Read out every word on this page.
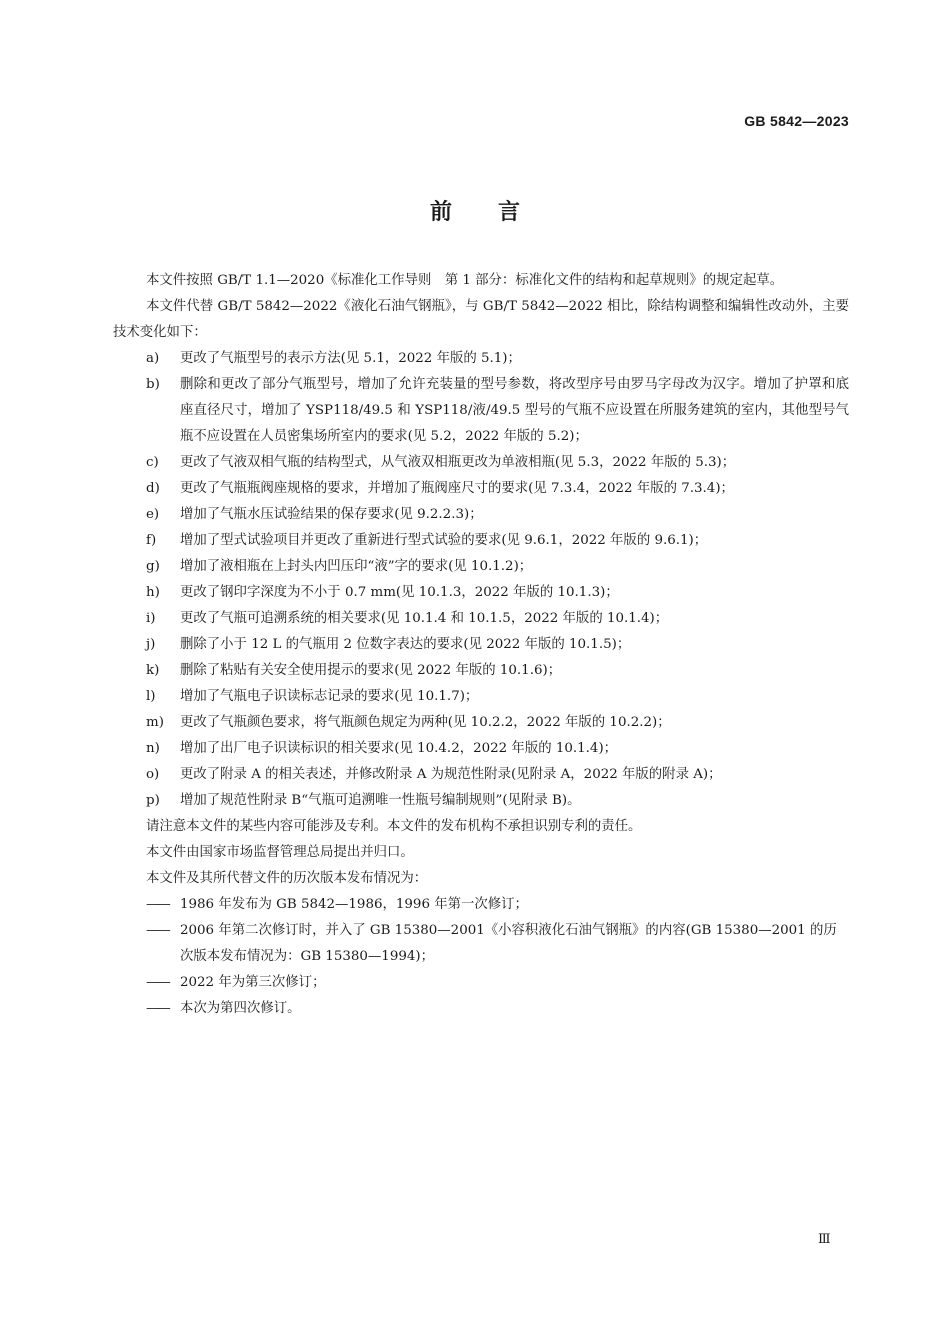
GB 5842—2023
前言
本文件按照 GB/T 1.1—2020《标准化工作导则　第 1 部分：标准化文件的结构和起草规则》的规定起草。
本文件代替 GB/T 5842—2022《液化石油气钢瓶》，与 GB/T 5842—2022 相比，除结构调整和编辑性改动外，主要技术变化如下：
a)	更改了气瓶型号的表示方法(见 5.1，2022 年版的 5.1)；
b)	删除和更改了部分气瓶型号，增加了允许充装量的型号参数，将改型序号由罗马字母改为汉字。增加了护罩和底座直径尺寸，增加了 YSP118/49.5 和 YSP118/液/49.5 型号的气瓶不应设置在所服务建筑的室内，其他型号气瓶不应设置在人员密集场所室内的要求(见 5.2，2022 年版的 5.2)；
c)	更改了气液双相气瓶的结构型式，从气液双相瓶更改为单液相瓶(见 5.3，2022 年版的 5.3)；
d)	更改了气瓶瓶阀座规格的要求，并增加了瓶阀座尺寸的要求(见 7.3.4，2022 年版的 7.3.4)；
e)	增加了气瓶水压试验结果的保存要求(见 9.2.2.3)；
f)	增加了型式试验项目并更改了重新进行型式试验的要求(见 9.6.1，2022 年版的 9.6.1)；
g)	增加了液相瓶在上封头内凹压印“液”字的要求(见 10.1.2)；
h)	更改了钢印字深度为不小于 0.7 mm(见 10.1.3，2022 年版的 10.1.3)；
i)	更改了气瓶可追溯系统的相关要求(见 10.1.4 和 10.1.5，2022 年版的 10.1.4)；
j)	删除了小于 12 L 的气瓶用 2 位数字表达的要求(见 2022 年版的 10.1.5)；
k)	删除了粘贴有关安全使用提示的要求(见 2022 年版的 10.1.6)；
l)	增加了气瓶电子识读标志记录的要求(见 10.1.7)；
m)	更改了气瓶颜色要求，将气瓶颜色规定为两种(见 10.2.2，2022 年版的 10.2.2)；
n)	增加了出厂电子识读标识的相关要求(见 10.4.2，2022 年版的 10.1.4)；
o)	更改了附录 A 的相关表述，并修改附录 A 为规范性附录(见附录 A，2022 年版的附录 A)；
p)	增加了规范性附录 B“气瓶可追溯唯一性瓶号编制规则”(见附录 B)。
请注意本文件的某些内容可能涉及专利。本文件的发布机构不承担识别专利的责任。
本文件由国家市场监督管理总局提出并归口。
本文件及其所代替文件的历次版本发布情况为：
—— 1986 年发布为 GB 5842—1986，1996 年第一次修订；
—— 2006 年第二次修订时，并入了 GB 15380—2001《小容积液化石油气钢瓶》的内容(GB 15380—2001 的历次版本发布情况为：GB 15380—1994)；
—— 2022 年为第三次修订；
—— 本次为第四次修订。
Ⅲ
